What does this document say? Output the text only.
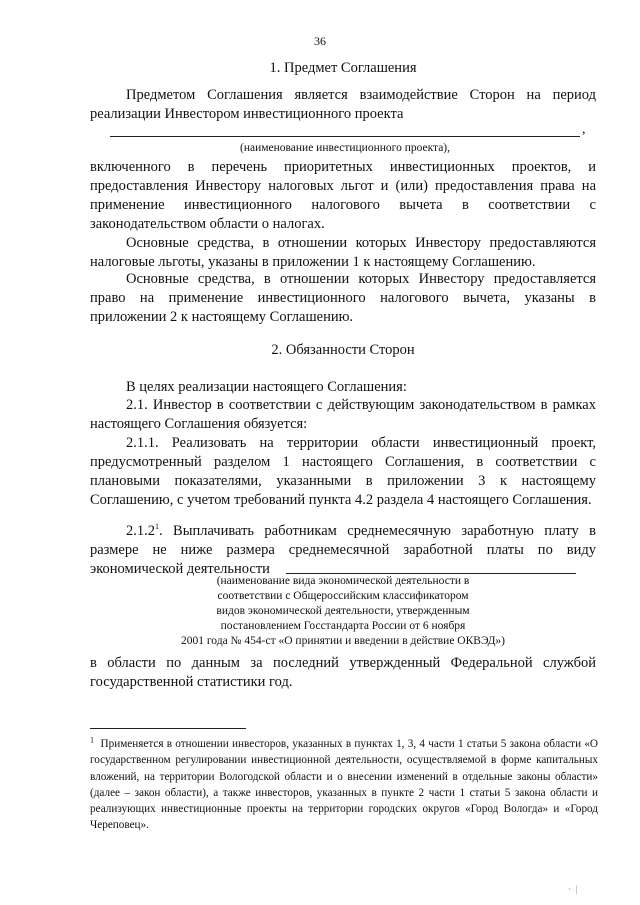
36
1. Предмет Соглашения
Предметом Соглашения является взаимодействие Сторон на период реализации Инвестором инвестиционного проекта
,
(наименование инвестиционного проекта),
включенного в перечень приоритетных инвестиционных проектов, и предоставления Инвестору налоговых льгот и (или) предоставления права на применение инвестиционного налогового вычета в соответствии с законодательством области о налогах.
Основные средства, в отношении которых Инвестору предоставляются налоговые льготы, указаны в приложении 1 к настоящему Соглашению.
Основные средства, в отношении которых Инвестору предоставляется право на применение инвестиционного налогового вычета, указаны в приложении 2 к настоящему Соглашению.
2. Обязанности Сторон
В целях реализации настоящего Соглашения:
2.1. Инвестор в соответствии с действующим законодательством в рамках настоящего Соглашения обязуется:
2.1.1. Реализовать на территории области инвестиционный проект, предусмотренный разделом 1 настоящего Соглашения, в соответствии с плановыми показателями, указанными в приложении 3 к настоящему Соглашению, с учетом требований пункта 4.2 раздела 4 настоящего Соглашения.
2.1.2$^1$. Выплачивать работникам среднемесячную заработную плату в размере не ниже размера среднемесячной заработной платы по виду экономической деятельности
(наименование вида экономической деятельности в
соответствии с Общероссийским классификатором
видов экономической деятельности, утвержденным
постановлением Госстандарта России от 6 ноября
2001 года № 454-ст «О принятии и введении в действие ОКВЭД»)
в области по данным за последний утвержденный Федеральной службой государственной статистики год.
$^1$ Применяется в отношении инвесторов, указанных в пунктах 1, 3, 4 части 1 статьи 5 закона области «О государственном регулировании инвестиционной деятельности, осуществляемой в форме капитальных вложений, на территории Вологодской области и о внесении изменений в отдельные законы области» (далее – закон области), а также инвесторов, указанных в пункте 2 части 1 статьи 5 закона области и реализующих инвестиционные проекты на территории городских округов «Город Вологда» и «Город Череповец».
·  |
